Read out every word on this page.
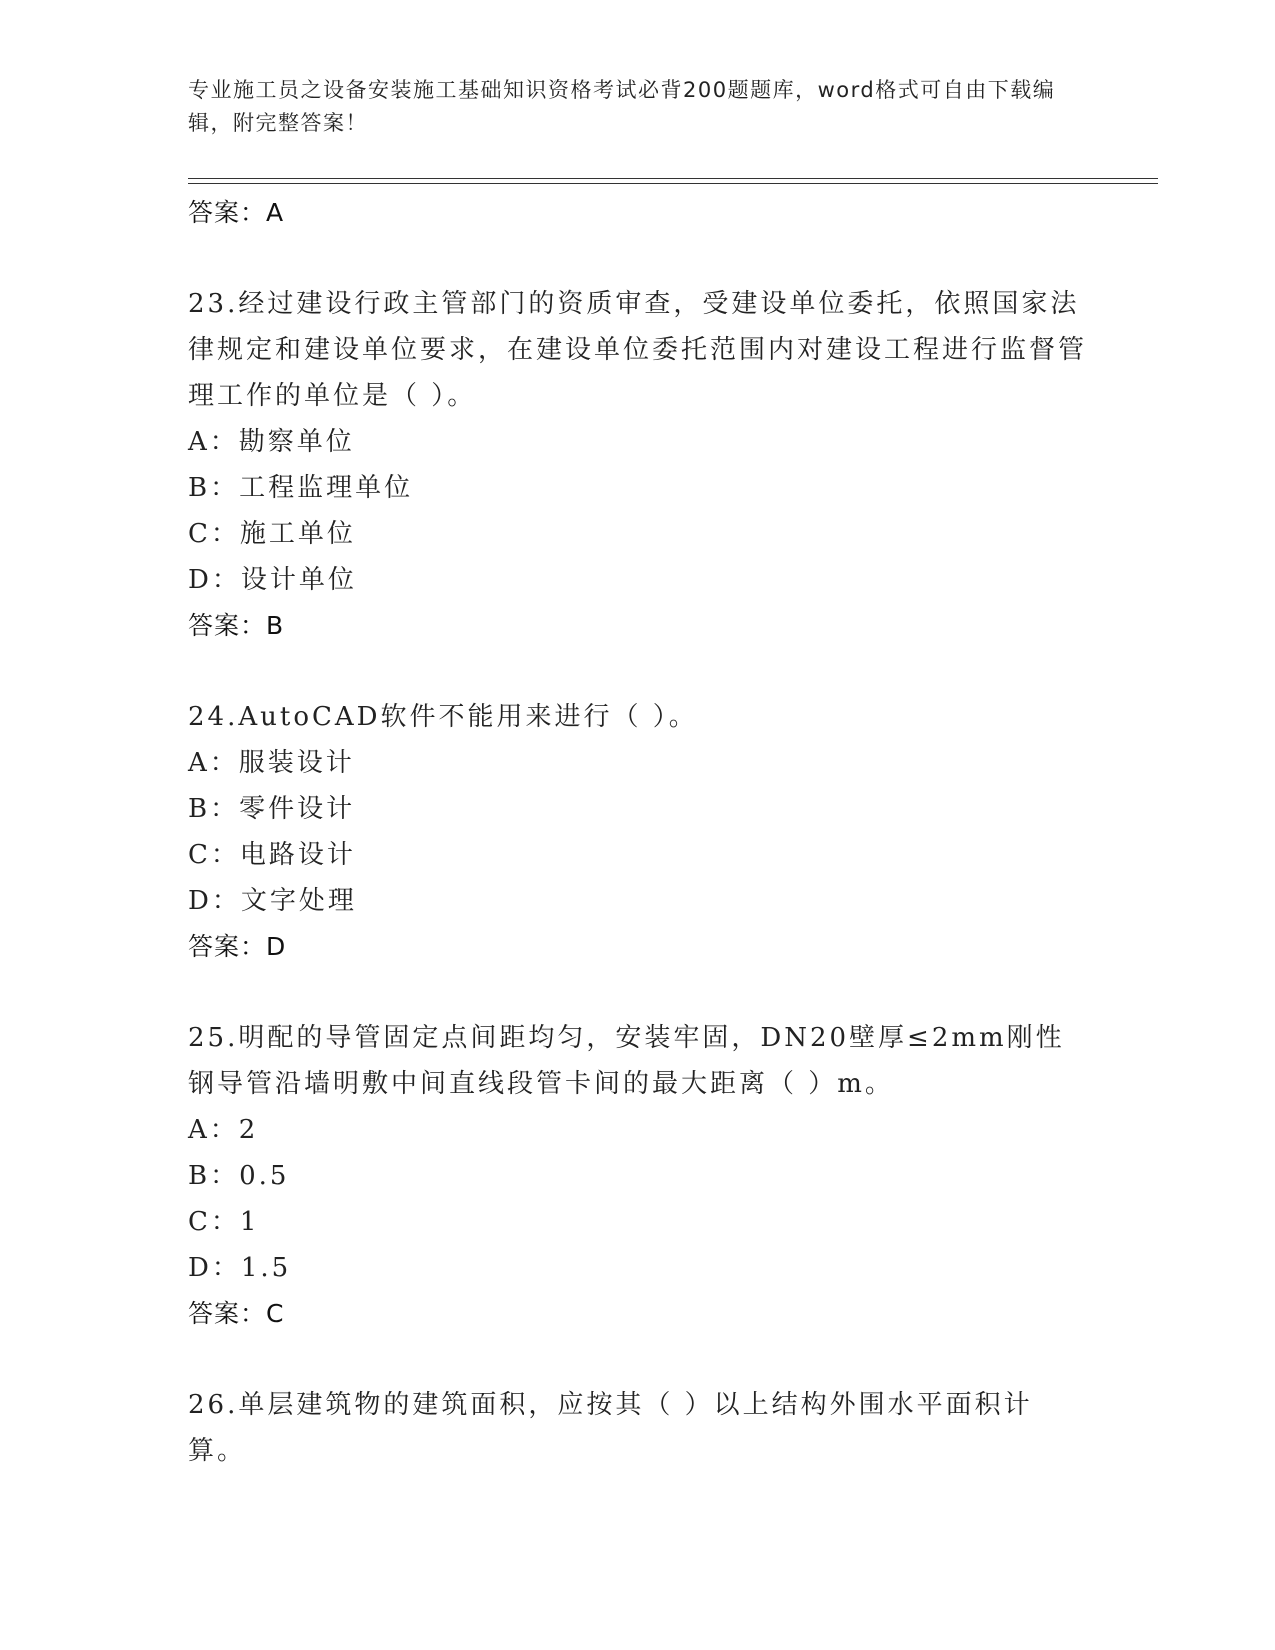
专业施工员之设备安装施工基础知识资格考试必背200题题库，word格式可自由下载编辑，附完整答案！
答案：A
23.经过建设行政主管部门的资质审查，受建设单位委托，依照国家法律规定和建设单位要求，在建设单位委托范围内对建设工程进行监督管理工作的单位是（ ）。
A：勘察单位
B：工程监理单位
C：施工单位
D：设计单位
答案：B
24.AutoCAD软件不能用来进行（ ）。
A：服装设计
B：零件设计
C：电路设计
D：文字处理
答案：D
25.明配的导管固定点间距均匀，安装牢固，DN20壁厚≤2mm刚性钢导管沿墙明敷中间直线段管卡间的最大距离（ ）m。
A：2
B：0.5
C：1
D：1.5
答案：C
26.单层建筑物的建筑面积，应按其（ ）以上结构外围水平面积计算。
